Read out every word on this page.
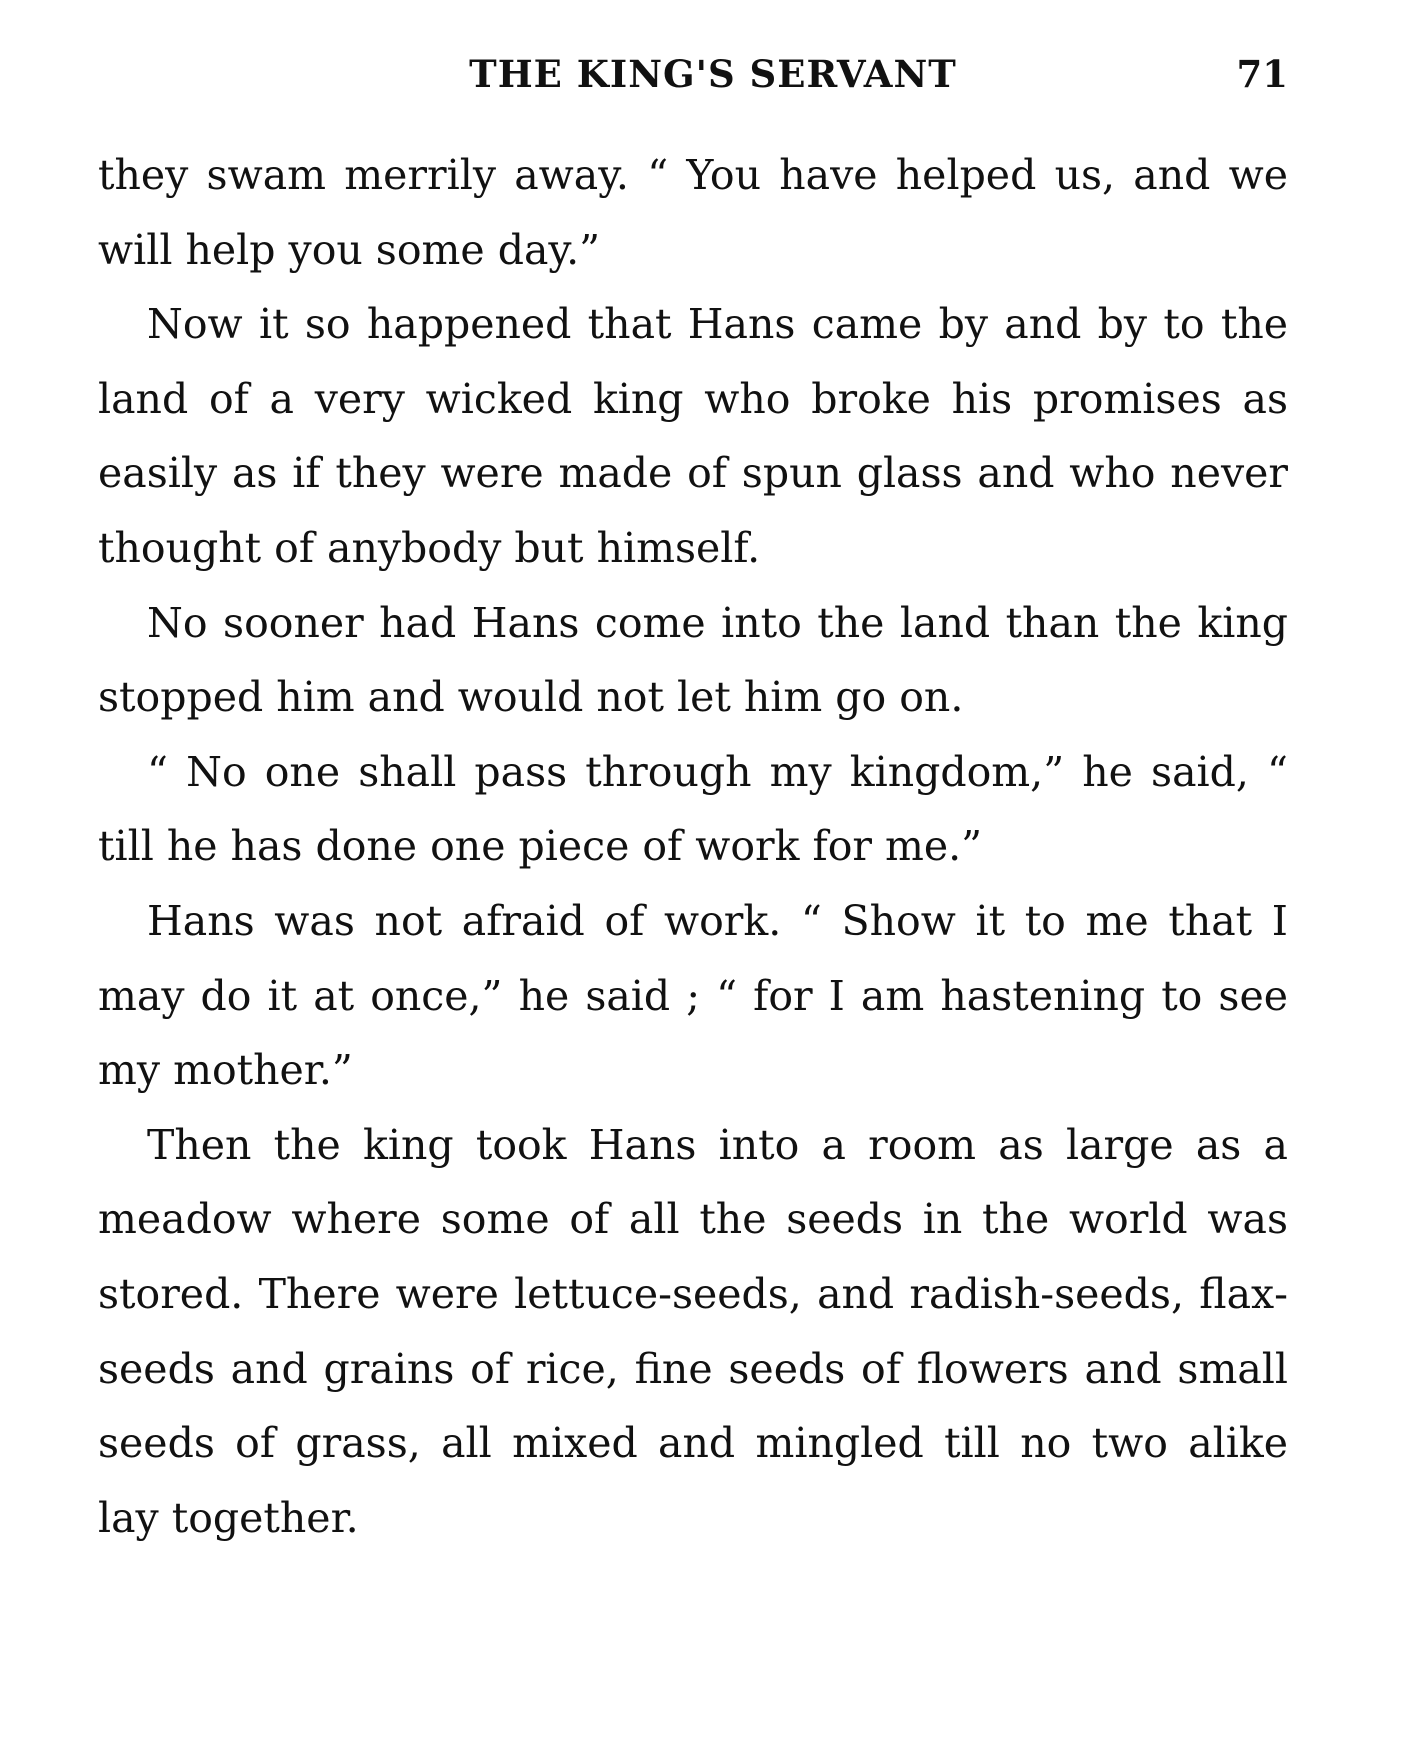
THE KING'S SERVANT	71

they swam merrily away. “ You have helped us, and we will help you some day.”

Now it so happened that Hans came by and by to the land of a very wicked king who broke his promises as easily as if they were made of spun glass and who never thought of anybody but himself.

No sooner had Hans come into the land than the king stopped him and would not let him go on.

“ No one shall pass through my kingdom,” he said, “ till he has done one piece of work for me.”

Hans was not afraid of work. “ Show it to me that I may do it at once,” he said ; “ for I am hastening to see my mother.”

Then the king took Hans into a room as large as a meadow where some of all the seeds in the world was stored. There were lettuce-seeds, and radish-seeds, flaxseeds and grains of rice, fine seeds of flowers and small seeds of grass, all mixed and mingled till no two alike lay together.
